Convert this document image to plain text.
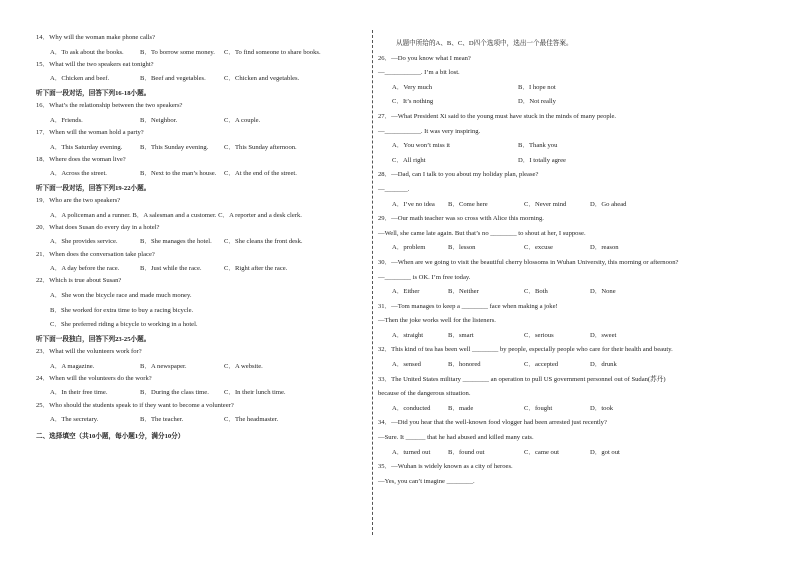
14．Why will the woman make phone calls?
A．To ask about the books. B．To borrow some money. C．To find someone to share books.
15．What will the two speakers eat tonight?
A．Chicken and beef.	B．Beef and vegetables.	C．Chicken and vegetables.
听下面一段对话，回答下列16-18小题。
16．What’s the relationship between the two speakers?
A．Friends.	B．Neighbor.	C．A couple.
17．When will the woman hold a party?
A．This Saturday evening.	B．This Sunday evening. C．This Sunday afternoon.
18．Where does the woman live?
A．Across the street.	B．Next to the man’s house. C．At the end of the street.
听下面一段对话，回答下列19-22小题。
19．Who are the two speakers?
A．A policeman and a runner. B．A salesman and a customer. C．A reporter and a desk clerk.
20．What does Susan do every day in a hotel?
A．She provides service.	B．She manages the hotel. C．She cleans the front desk.
21．When does the conversation take place?
A．A day before the race.	B．Just while the race.	C．Right after the race.
22．Which is true about Susan?
A．She won the bicycle race and made much money.
B．She worked for extra time to buy a racing bicycle.
C．She preferred riding a bicycle to working in a hotel.
听下面一段独白，回答下列23-25小题。
23．What will the volunteers work for?
A．A magazine.	B．A newspaper.	C．A website.
24．When will the volunteers do the work?
A．In their free time.	B．During the class time. C．In their lunch time.
25．Who should the students speak to if they want to become a volunteer?
A．The secretary.	B．The teacher.	C．The headmaster.
二、选择填空（共10小题，每小题1分，满分10分）
从题中所给的A、B、C、D四个选项中，选出一个最佳答案。
26．—Do you know what I mean?
—___________. I’m a bit lost.
A．Very much	B．I hope not
C．It’s nothing	D．Not really
27．—What President Xi said to the young must have stuck in the minds of many people.
—___________. It was very inspiring.
A．You won’t miss it	B．Thank you
C．All right	D．I totally agree
28．—Dad, can I talk to you about my holiday plan, please?
—_______.
A．I’ve no idea B．Come here	C．Never mind	D．Go ahead
29．—Our math teacher was so cross with Alice this morning.
—Well, she came late again. But that’s no ________ to shout at her, I suppose.
A．problem	B．lesson	C．excuse	D．reason
30．—When are we going to visit the beautiful cherry blossoms in Wuhan University, this morning or afternoon?
—________ is OK. I’m free today.
A．Either	B．Neither	C．Both	D．None
31．—Tom manages to keep a ________ face when making a joke!
—Then the joke works well for the listeners.
A．straight	B．smart	C．serious	D．sweet
32．This kind of tea has been well ________ by people, especially people who care for their health and beauty.
A．sensed	B．honored	C．accepted	D．drunk
33．The United States military ________ an operation to pull US government personnel out of Sudan(苏丹)
because of the dangerous situation.
A．conducted	B．made	C．fought	D．took
34．—Did you hear that the well-known food vlogger had been arrested just recently?
—Sure. It ______ that he had abused and killed many cats.
A．turned out	B．found out	C．came out	D．got out
35．—Wuhan is widely known as a city of heroes.
—Yes, you can’t imagine ________.
